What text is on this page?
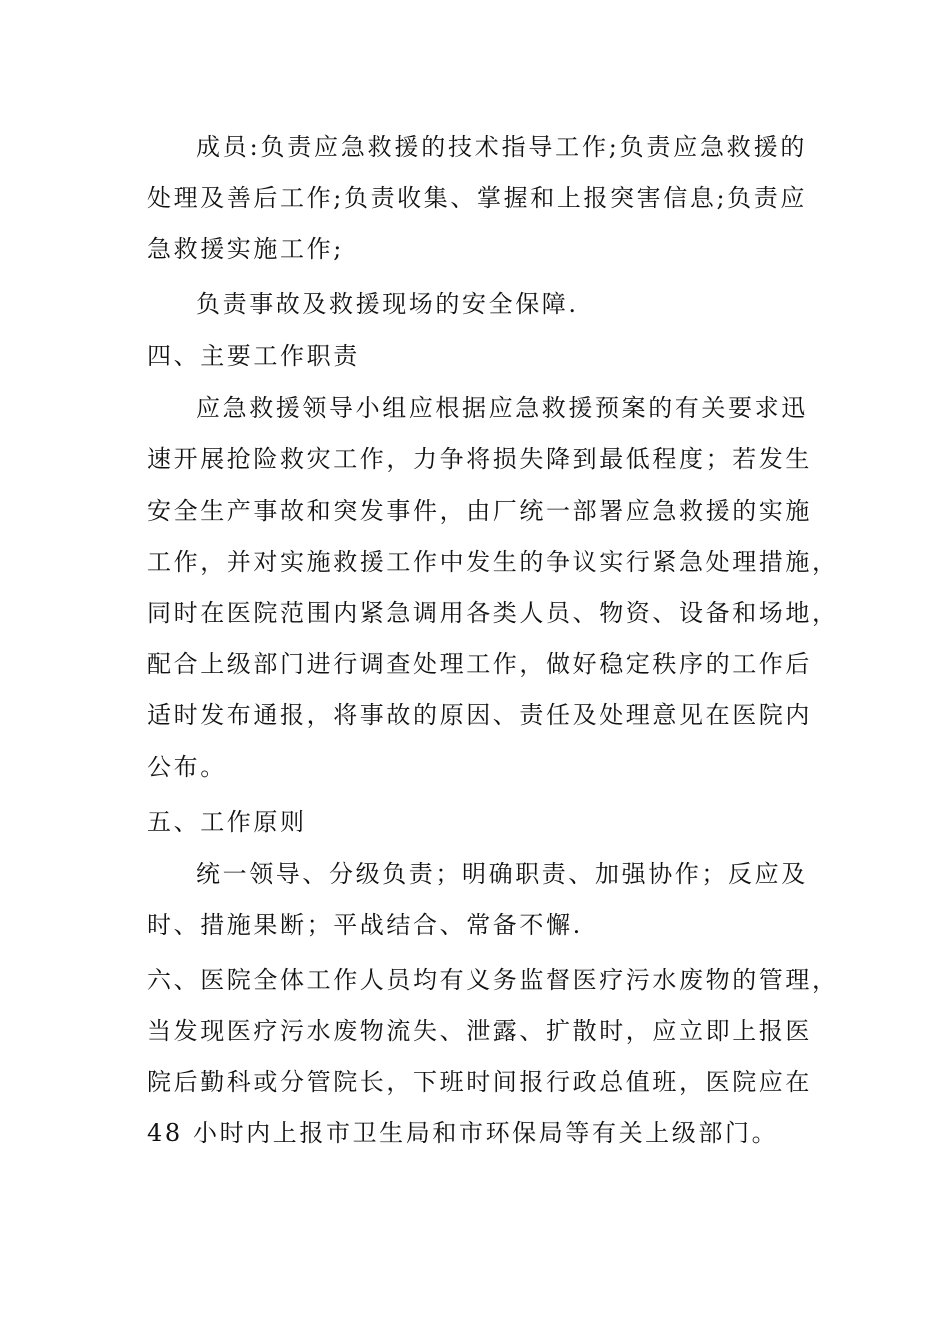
成员:负责应急救援的技术指导工作;负责应急救援的
处理及善后工作;负责收集、掌握和上报突害信息;负责应
急救援实施工作;
负责事故及救援现场的安全保障.
四、主要工作职责
应急救援领导小组应根据应急救援预案的有关要求迅
速开展抢险救灾工作，力争将损失降到最低程度；若发生
安全生产事故和突发事件，由厂统一部署应急救援的实施
工作，并对实施救援工作中发生的争议实行紧急处理措施，
同时在医院范围内紧急调用各类人员、物资、设备和场地，
配合上级部门进行调查处理工作，做好稳定秩序的工作后
适时发布通报，将事故的原因、责任及处理意见在医院内
公布。
五、工作原则
统一领导、分级负责；明确职责、加强协作；反应及
时、措施果断；平战结合、常备不懈.
六、医院全体工作人员均有义务监督医疗污水废物的管理，
当发现医疗污水废物流失、泄露、扩散时，应立即上报医
院后勤科或分管院长，下班时间报行政总值班，医院应在
48 小时内上报市卫生局和市环保局等有关上级部门。
